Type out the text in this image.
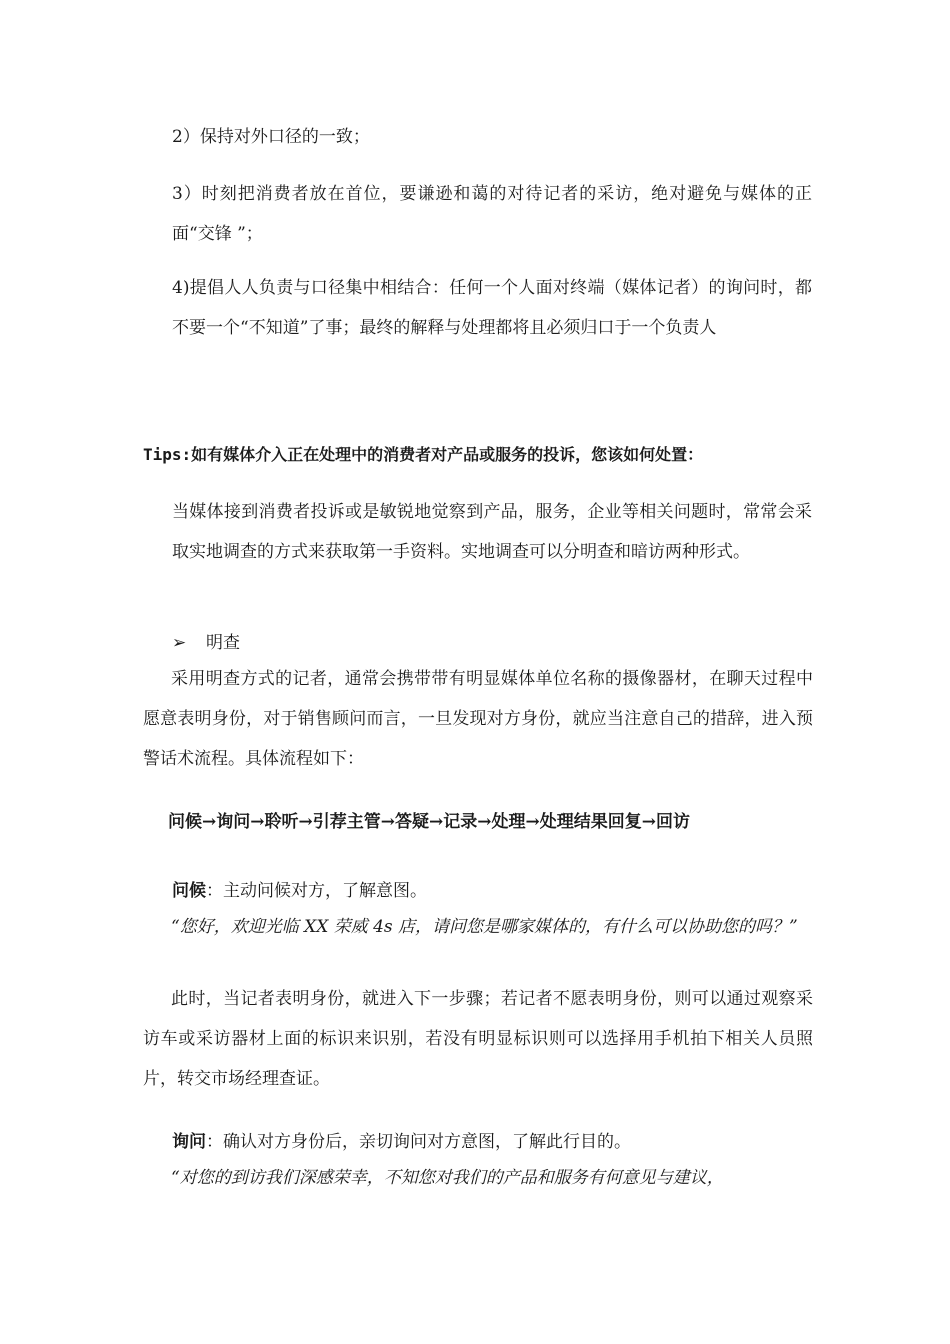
2）保持对外口径的一致；

3）时刻把消费者放在首位，要谦逊和蔼的对待记者的采访，绝对避免与媒体的正面“交锋 ”；

4)提倡人人负责与口径集中相结合：任何一个人面对终端（媒体记者）的询问时，都不要一个“不知道”了事；最终的解释与处理都将且必须归口于一个负责人

Tips:如有媒体介入正在处理中的消费者对产品或服务的投诉，您该如何处置：

当媒体接到消费者投诉或是敏锐地觉察到产品，服务，企业等相关问题时，常常会采取实地调查的方式来获取第一手资料。实地调查可以分明查和暗访两种形式。

➢ 明查

采用明查方式的记者，通常会携带带有明显媒体单位名称的摄像器材，在聊天过程中愿意表明身份，对于销售顾问而言，一旦发现对方身份，就应当注意自己的措辞，进入预警话术流程。具体流程如下：

问候→询问→聆听→引荐主管→答疑→记录→处理→处理结果回复→回访

问候：主动问候对方，了解意图。

“您好，欢迎光临 XX 荣威 4s 店，请问您是哪家媒体的，有什么可以协助您的吗？”

此时，当记者表明身份，就进入下一步骤；若记者不愿表明身份，则可以通过观察采访车或采访器材上面的标识来识别，若没有明显标识则可以选择用手机拍下相关人员照片，转交市场经理查证。

询问：确认对方身份后，亲切询问对方意图，了解此行目的。

“对您的到访我们深感荣幸，不知您对我们的产品和服务有何意见与建议，
